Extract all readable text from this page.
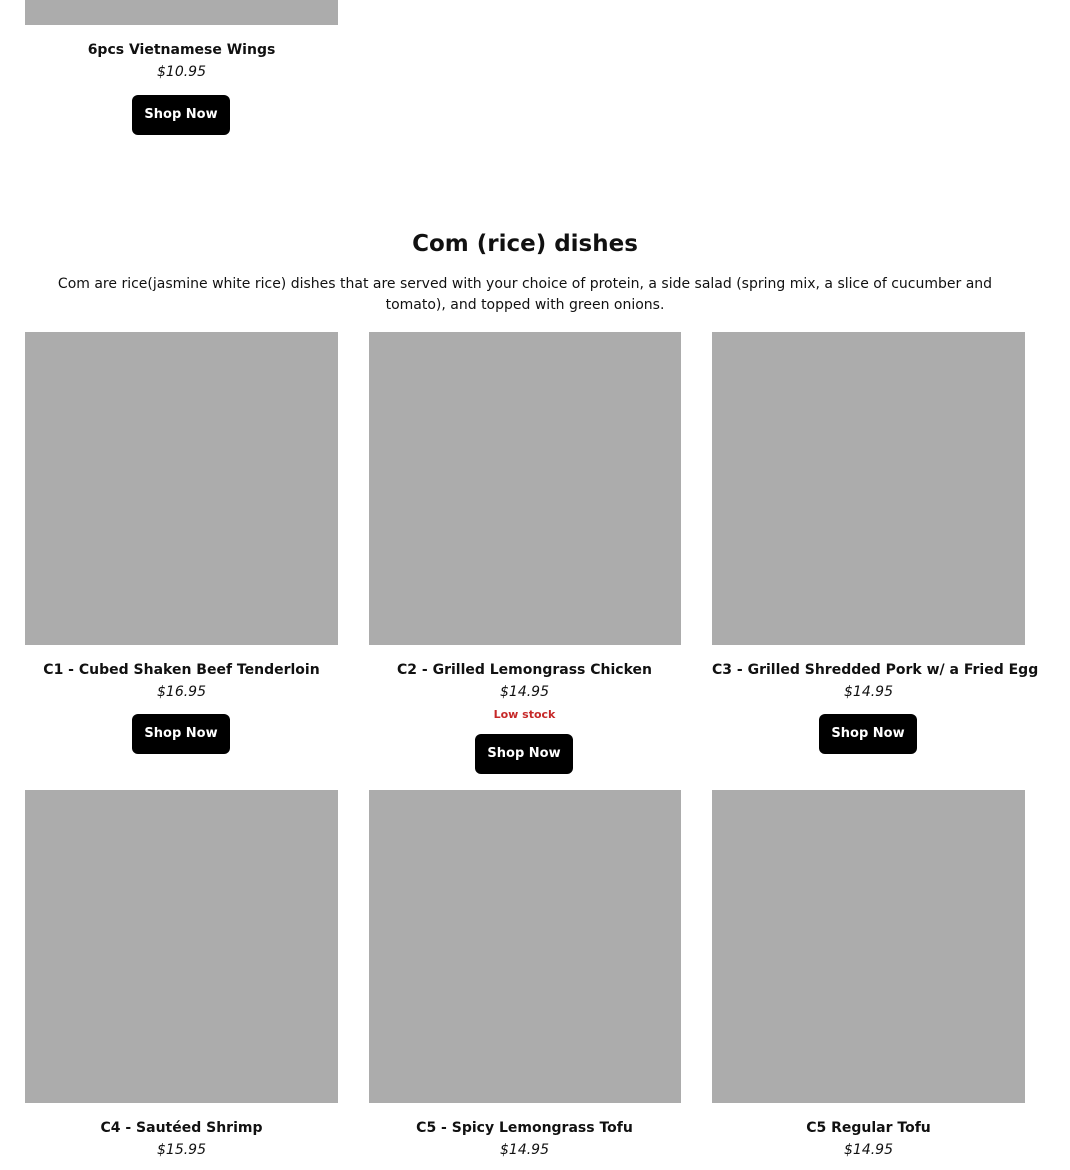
6pcs Vietnamese Wings
$10.95
Shop Now
Com (rice) dishes
Com are rice(jasmine white rice) dishes that are served with your choice of protein, a side salad (spring mix, a slice of cucumber and tomato), and topped with green onions.
C1 - Cubed Shaken Beef Tenderloin
$16.95
Shop Now
C2 - Grilled Lemongrass Chicken
$14.95
Low stock
Shop Now
C3 - Grilled Shredded Pork w/ a Fried Egg
$14.95
Shop Now
C4 - Sautéed Shrimp
$15.95
C5 - Spicy Lemongrass Tofu
$14.95
C5 Regular Tofu
$14.95
